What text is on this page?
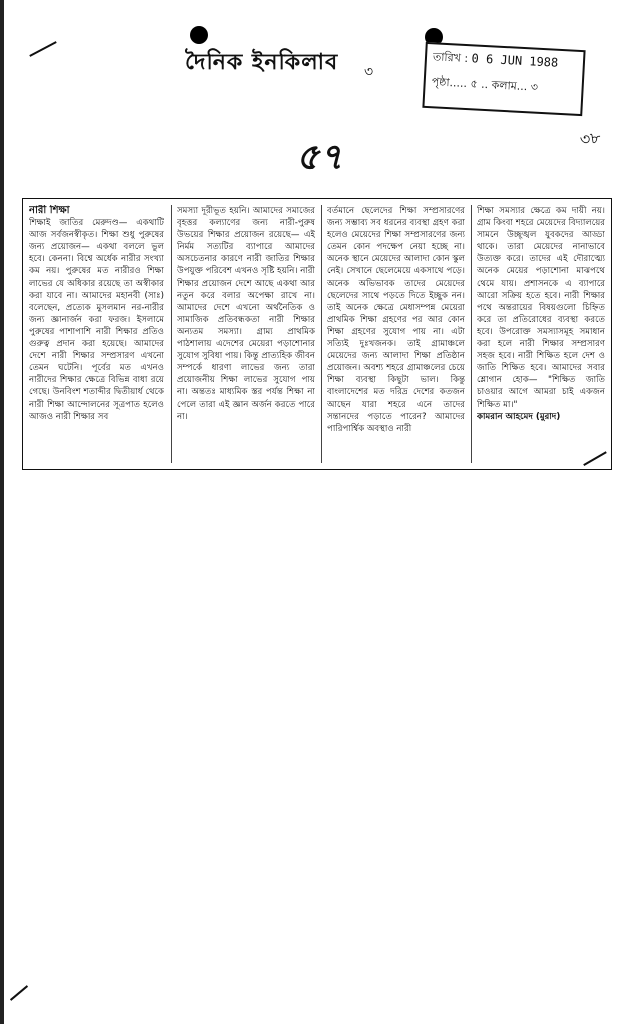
দৈনিক ইনকিলাব ৩
তারিখ : 0 6 JUN 1988
পৃষ্ঠা..... ৫ .. কলাম... ৩
৫৭	৩৮

নারী শিক্ষা

শিক্ষাই জাতির মেরুদণ্ড— একথাটি আজ সর্বজনস্বীকৃত। শিক্ষা শুধু পুরুষের জন্য প্রয়োজন— একথা বললে ভুল হবে। কেননা। বিশ্বে অর্ধেক নারীর সংখ্যা কম নয়। পুরুষের মত নারীরও শিক্ষা লাভের যে অধিকার রয়েছে তা অস্বীকার করা যাবে না। আমাদের মহানবী (সাঃ) বলেছেন, প্রত্যেক মুসলমান নর-নারীর জন্য জ্ঞানার্জন করা ফরজ। ইসলামে পুরুষের পাশাপাশি নারী শিক্ষার প্রতিও গুরুত্ব প্রদান করা হয়েছে। আমাদের দেশে নারী শিক্ষার সম্প্রসারণ এখনো তেমন ঘটেনি। পূর্বের মত এখনও নারীদের শিক্ষার ক্ষেত্রে বিভিন্ন বাধা রয়ে গেছে। উনবিংশ শতাব্দীর দ্বিতীয়ার্ধ থেকে নারী শিক্ষা আন্দোলনের সূত্রপাত হলেও আজও নারী শিক্ষার সব

সমস্যা দূরীভূত হয়নি। আমাদের সমাজের বৃহত্তর কল্যাণের জন্য নারী-পুরুষ উভয়ের শিক্ষার প্রয়োজন রয়েছে— এই নির্মম সত্যটির ব্যাপারে আমাদের অসচেতনার কারণে নারী জাতির শিক্ষার উপযুক্ত পরিবেশ এখনও সৃষ্টি হয়নি। নারী শিক্ষার প্রয়োজন দেশে আছে একথা আর নতুন করে বলার অপেক্ষা রাখে না। আমাদের দেশে এখনো অর্থনৈতিক ও সামাজিক প্রতিবন্ধকতা নারী শিক্ষার অন্যতম সমস্যা। গ্রাম্য প্রাথমিক পাঠশালায় এদেশের মেয়েরা পড়াশোনার সুযোগ সুবিধা পায়। কিন্তু প্রাত্যহিক জীবন সম্পর্কে ধারণা লাভের জন্য তারা প্রয়োজনীয় শিক্ষা লাভের সুযোগ পায় না। অন্ততঃ মাধ্যমিক স্তর পর্যন্ত শিক্ষা না পেলে তারা এই জ্ঞান অর্জন করতে পারে না।

বর্তমানে ছেলেদের শিক্ষা সম্প্রসারণের জন্য সম্ভাব্য সব ধরনের ব্যবস্থা গ্রহণ করা হলেও মেয়েদের শিক্ষা সম্প্রসারণের জন্য তেমন কোন পদক্ষেপ নেয়া হচ্ছে না। অনেক স্থানে মেয়েদের আলাদা কোন স্কুল নেই। সেখানে ছেলেমেয়ে একসাথে পড়ে। অনেক অভিভাবক তাদের মেয়েদের ছেলেদের সাথে পড়তে দিতে ইচ্ছুক নন। তাই অনেক ক্ষেত্রে মেধাসম্পন্ন মেয়েরা প্রাথমিক শিক্ষা গ্রহণের পর আর কোন শিক্ষা গ্রহণের সুযোগ পায় না। এটা সত্যিই দুঃখজনক। তাই গ্রামাঞ্চলে মেয়েদের জন্য আলাদা শিক্ষা প্রতিষ্ঠান প্রয়োজন। অবশ্য শহরে গ্রামাঞ্চলের চেয়ে শিক্ষা ব্যবস্থা কিছুটা ভাল। কিন্তু বাংলাদেশের মত দরিদ্র দেশের কতজন আছেন যারা শহরে এনে তাদের সন্তানদের পড়াতে পারেন? আমাদের পারিপার্শ্বিক অবস্থাও নারী

শিক্ষা সমস্যার ক্ষেত্রে কম দায়ী নয়। গ্রাম কিংবা শহরে মেয়েদের বিদ্যালয়ের সামনে উচ্ছৃঙ্খল যুবকদের আড্ডা থাকে। তারা মেয়েদের নানাভাবে উত্যক্ত করে। তাদের এই দৌরাত্ম্যে অনেক মেয়ের পড়াশোনা মাঝপথে থেমে যায়। প্রশাসনকে এ ব্যাপারে আরো সক্রিয় হতে হবে। নারী শিক্ষার পথে অন্তরায়ের বিষয়গুলো চিহ্নিত করে তা প্রতিরোধের ব্যবস্থা করতে হবে। উপরোক্ত সমস্যাসমূহ সমাধান করা হলে নারী শিক্ষার সম্প্রসারণ সহজ হবে। নারী শিক্ষিত হলে দেশ ও জাতি শিক্ষিত হবে। আমাদের সবার শ্লোগান হোক— "শিক্ষিত জাতি চাওয়ার আগে আমরা চাই একজন শিক্ষিত মা।"

কামরান আহমেদ (মুরাদ)
